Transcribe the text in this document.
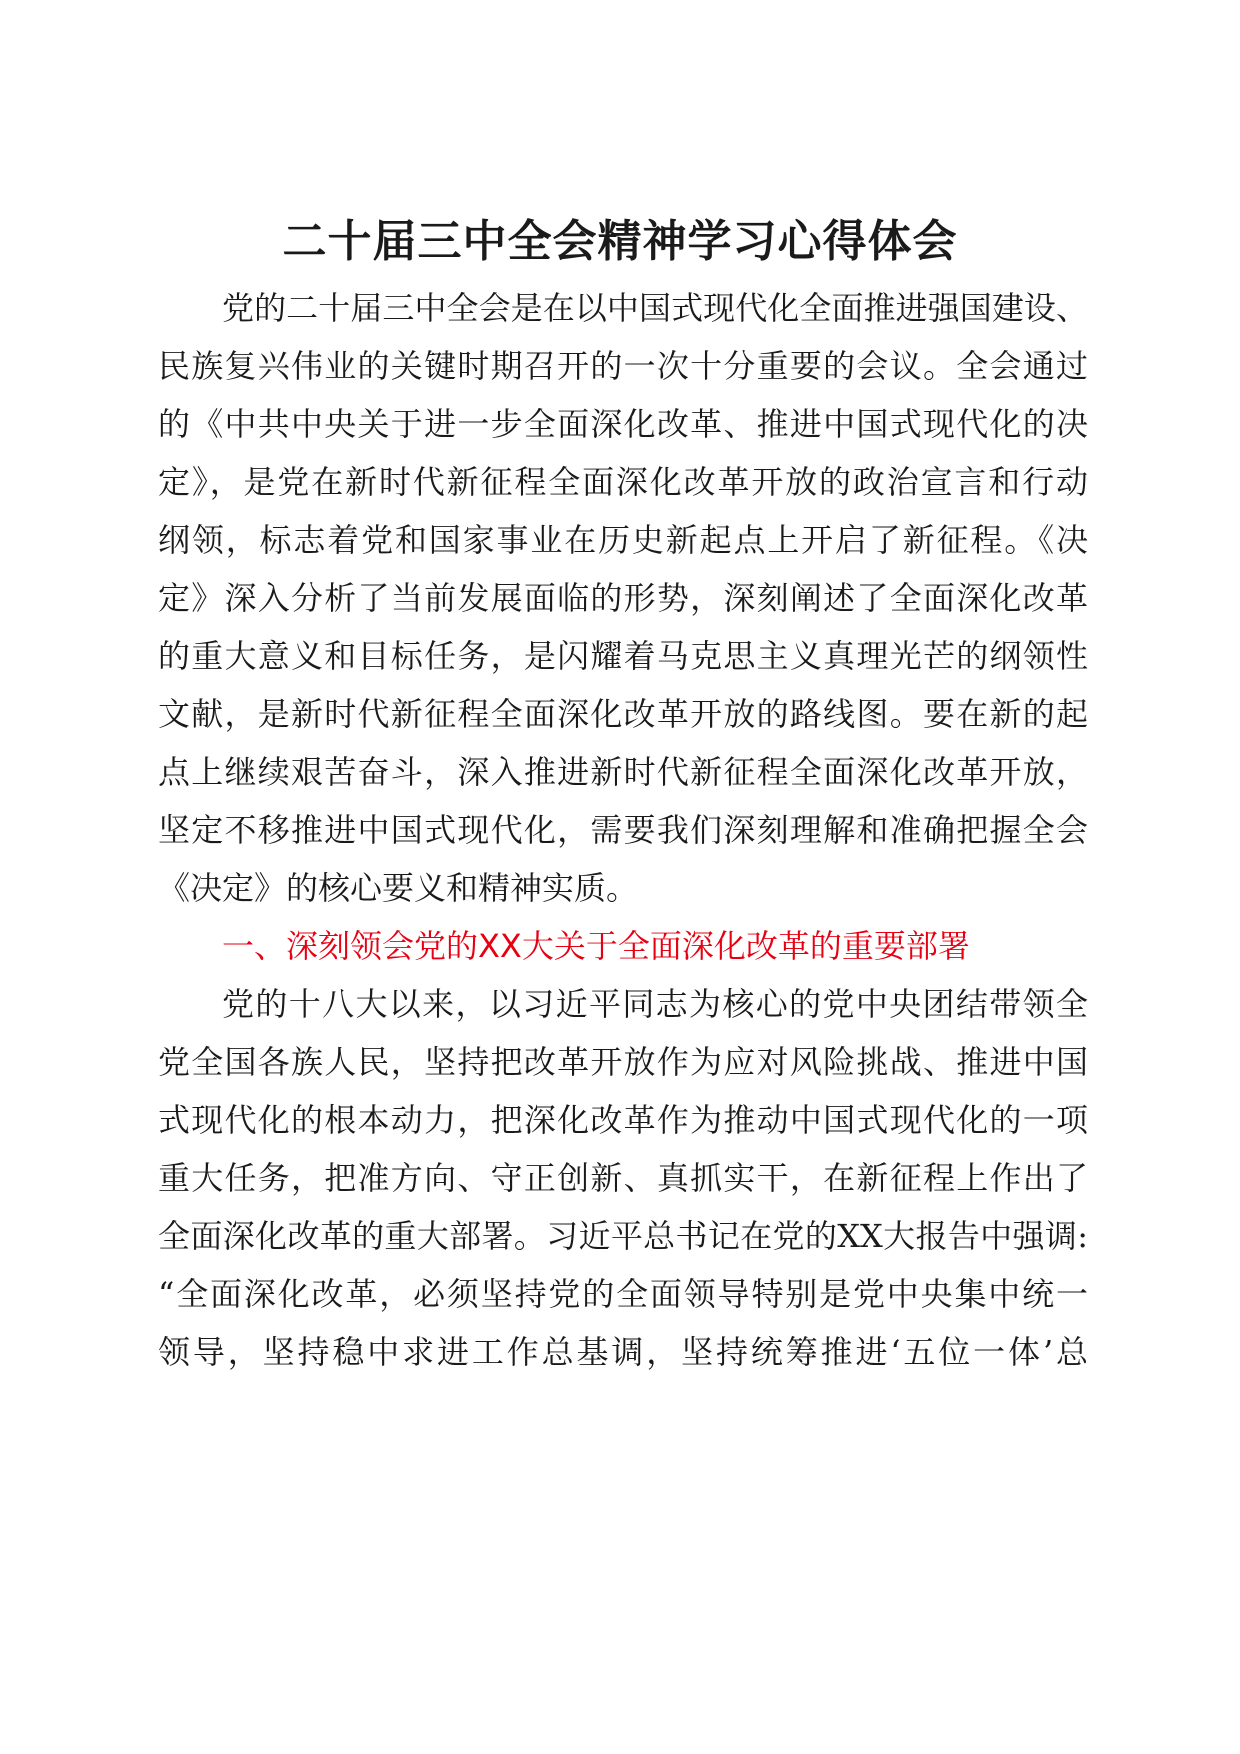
二十届三中全会精神学习心得体会
党的二十届三中全会是在以中国式现代化全面推进强国建设、
民族复兴伟业的关键时期召开的一次十分重要的会议。全会通过
的《中共中央关于进一步全面深化改革、推进中国式现代化的决
定》，是党在新时代新征程全面深化改革开放的政治宣言和行动
纲领，标志着党和国家事业在历史新起点上开启了新征程。《决
定》深入分析了当前发展面临的形势，深刻阐述了全面深化改革
的重大意义和目标任务，是闪耀着马克思主义真理光芒的纲领性
文献，是新时代新征程全面深化改革开放的路线图。要在新的起
点上继续艰苦奋斗，深入推进新时代新征程全面深化改革开放，
坚定不移推进中国式现代化，需要我们深刻理解和准确把握全会
《决定》的核心要义和精神实质。
一、深刻领会党的XX大关于全面深化改革的重要部署
党的十八大以来，以习近平同志为核心的党中央团结带领全
党全国各族人民，坚持把改革开放作为应对风险挑战、推进中国
式现代化的根本动力，把深化改革作为推动中国式现代化的一项
重大任务，把准方向、守正创新、真抓实干，在新征程上作出了
全面深化改革的重大部署。习近平总书记在党的XX大报告中强调:
“全面深化改革，必须坚持党的全面领导特别是党中央集中统一
领导，坚持稳中求进工作总基调，坚持统筹推进‘五位一体’总
